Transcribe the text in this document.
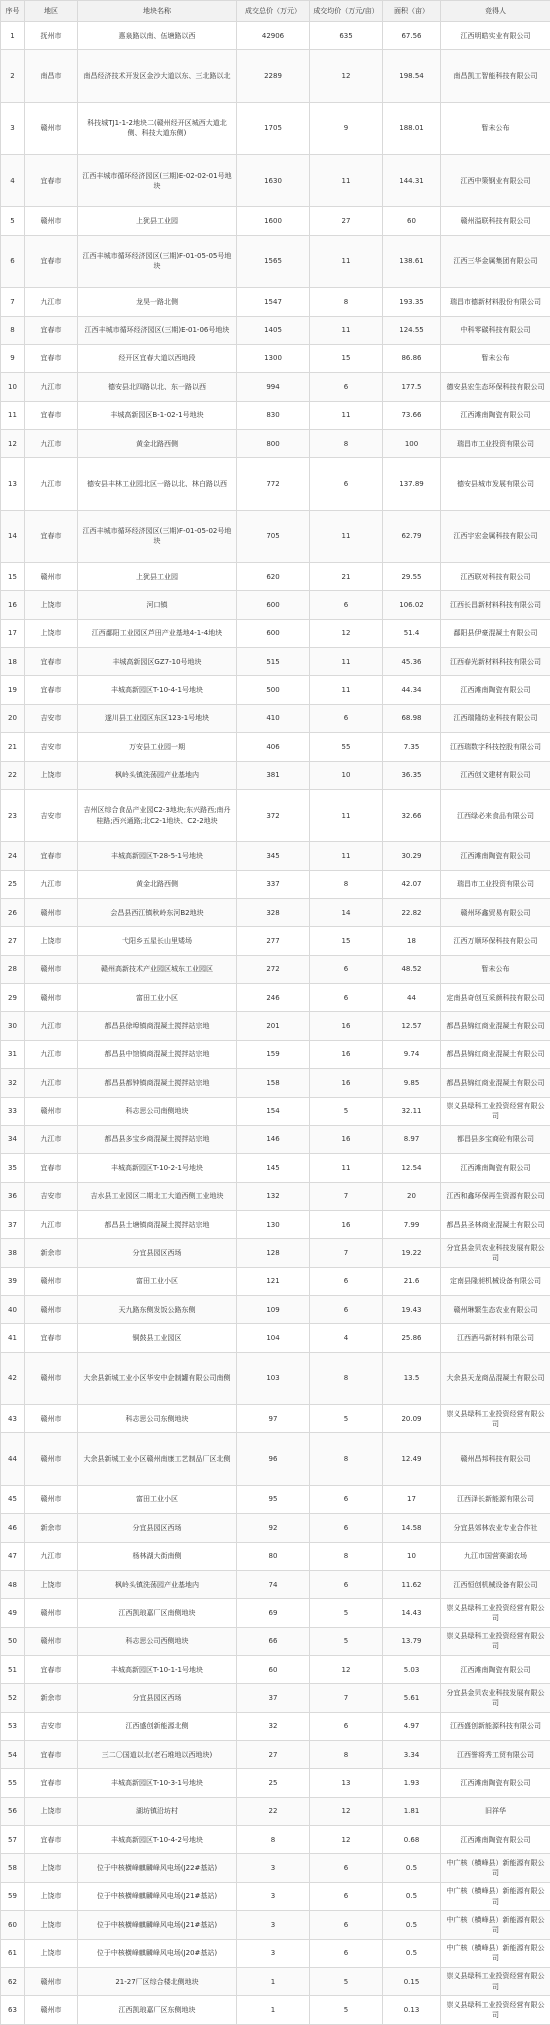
序号	地区	地块名称	成交总价（万元）	成交均价（万元/亩）	面积（亩）	竞得人
1	抚州市	惠泉路以南、伍塘路以西	42906	635	67.56	江西明皓实业有限公司
2	南昌市	南昌经济技术开发区金沙大道以东、三北路以北	2289	12	198.54	南昌凯工智能科技有限公司
3	赣州市	科技城TJ1-1-2地块二(赣州经开区城西大道北侧、科技大道东侧)	1705	9	188.01	暂未公布
4	宜春市	江西丰城市循环经济园区(三期)E-02-02-01号地块	1630	11	144.31	江西中策钢业有限公司
5	赣州市	上犹县工业园	1600	27	60	赣州溢联科技有限公司
6	宜春市	江西丰城市循环经济园区(三期)F-01-05-05号地块	1565	11	138.61	江西三华金属集团有限公司
7	九江市	龙昊一路北侧	1547	8	193.35	瑞昌市德新材料股份有限公司
8	宜春市	江西丰城市循环经济园区(三期)E-01-06号地块	1405	11	124.55	中科零碳科技有限公司
9	宜春市	经开区宜春大道以西地段	1300	15	86.86	暂未公布
10	九江市	德安县北四路以北、东一路以西	994	6	177.5	德安县宏生态环保科技有限公司
11	宜春市	丰城高新园区B-1-02-1号地块	830	11	73.66	江西滩南陶瓷有限公司
12	九江市	黄金北路西侧	800	8	100	瑞昌市工业投资有限公司
13	九江市	德安县丰林工业园北区一路以北、林白路以西	772	6	137.89	德安县城市发展有限公司
14	宜春市	江西丰城市循环经济园区(三期)F-01-05-02号地块	705	11	62.79	江西宇宏金属科技有限公司
15	赣州市	上犹县工业园	620	21	29.55	江西联对科技有限公司
16	上饶市	河口镇	600	6	106.02	江西长昌新材料科技有限公司
17	上饶市	江西鄱阳工业园区芦田产业基地4-1-4地块	600	12	51.4	鄱阳县伊豪混凝土有限公司
18	宜春市	丰城高新园区GZ7-10号地块	515	11	45.36	江西春光新材料科技有限公司
19	宜春市	丰城高新园区T-10-4-1号地块	500	11	44.34	江西滩南陶瓷有限公司
20	吉安市	遂川县工业园区东区123-1号地块	410	6	68.98	江西瑞隆纺业科技有限公司
21	吉安市	万安县工业园一期	406	55	7.35	江西瑞数字科技控股有限公司
22	上饶市	枫岭头镇洗荡园产业基地内	381	10	36.35	江西创文建材有限公司
23	吉安市	吉州区综合食品产业园C2-3地块;东兴路西;南丹桂路;西兴通路;北C2-1地块、C2-2地块	372	11	32.66	江西绿必来食品有限公司
24	宜春市	丰城高新园区T-28-5-1号地块	345	11	30.29	江西滩南陶瓷有限公司
25	九江市	黄金北路西侧	337	8	42.07	瑞昌市工业投资有限公司
26	赣州市	会昌县西江镇秋岭东河B2地块	328	14	22.82	赣州环鑫贸易有限公司
27	上饶市	弋阳乡五星长山里矮场	277	15	18	江西万顺环保科技有限公司
28	赣州市	赣州高新技术产业园区城东工业园区	272	6	48.52	暂未公布
29	赣州市	富田工业小区	246	6	44	定南县奇创互采颜科技有限公司
30	九江市	都昌县徐埠镇商混凝土搅拌站宗地	201	16	12.57	都昌县锦红商业混凝土有限公司
31	九江市	都昌县中馆镇商混凝土搅拌站宗地	159	16	9.74	都昌县锦红商业混凝土有限公司
32	九江市	都昌县都钟镇商混凝土搅拌站宗地	158	16	9.85	都昌县锦红商业混凝土有限公司
33	赣州市	科志思公司南侧地块	154	5	32.11	崇义县绿科工业投资经营有限公司
34	九江市	都昌县多宝乡商混凝土搅拌站宗地	146	16	8.97	都昌县多宝商砼有限公司
35	宜春市	丰城高新园区T-10-2-1号地块	145	11	12.54	江西滩南陶瓷有限公司
36	吉安市	吉水县工业园区二期北工大道西侧工业地块	132	7	20	江西和鑫环保再生资源有限公司
37	九江市	都昌县土塘镇商混凝土搅拌站宗地	130	16	7.99	都昌县圣林商业混凝土有限公司
38	新余市	分宜县园区西场	128	7	19.22	分宜县金贝农业科技发展有限公司
39	赣州市	富田工业小区	121	6	21.6	定南县隆昶机械设备有限公司
40	赣州市	天九路东侧发饭公路东侧	109	6	19.43	赣州琳繁生态农业有限公司
41	宜春市	铜鼓县工业园区	104	4	25.86	江西酒马新材料有限公司
42	赣州市	大余县新城工业小区华安中企制罐有限公司南侧	103	8	13.5	大余县天龙商品混凝土有限公司
43	赣州市	科志思公司东侧地块	97	5	20.09	崇义县绿科工业投资经营有限公司
44	赣州市	大余县新城工业小区赣州南康工艺制品厂区北侧	96	8	12.49	赣州昌邦科技有限公司
45	赣州市	富田工业小区	95	6	17	江西泽长新能源有限公司
46	新余市	分宜县园区西场	92	6	14.58	分宜县郊林农业专业合作社
47	九江市	杨林湖大街南侧	80	8	10	九江市国营赛湖农场
48	上饶市	枫岭头镇洗荡园产业基地内	74	6	11.62	江西恒创机械设备有限公司
49	赣州市	江西凯琅嘉厂区南侧地块	69	5	14.43	崇义县绿科工业投资经营有限公司
50	赣州市	科志思公司西侧地块	66	5	13.79	崇义县绿科工业投资经营有限公司
51	宜春市	丰城高新园区T-10-1-1号地块	60	12	5.03	江西滩南陶瓷有限公司
52	新余市	分宜县园区西场	37	7	5.61	分宜县金贝农业科技发展有限公司
53	吉安市	江西盛创新能源北侧	32	6	4.97	江西盛创新能源科技有限公司
54	宜春市	三二〇国道以北(老石堆地以西地块)	27	8	3.34	江西誉将秀工贸有限公司
55	宜春市	丰城高新园区T-10-3-1号地块	25	13	1.93	江西滩南陶瓷有限公司
56	上饶市	湖坊镇沿坊村	22	12	1.81	旧祥华
57	宜春市	丰城高新园区T-10-4-2号地块	8	12	0.68	江西滩南陶瓷有限公司
58	上饶市	位于中核横峰麒麟峰风电场(J22#基站)	3	6	0.5	中广核（横峰县）新能源有限公司
59	上饶市	位于中核横峰麒麟峰风电场(J21#基站)	3	6	0.5	中广核（横峰县）新能源有限公司
60	上饶市	位于中核横峰麒麟峰风电场(J21#基站)	3	6	0.5	中广核（横峰县）新能源有限公司
61	上饶市	位于中核横峰麒麟峰风电场(J20#基站)	3	6	0.5	中广核（横峰县）新能源有限公司
62	赣州市	21-27厂区综合楼北侧地块	1	5	0.15	崇义县绿科工业投资经营有限公司
63	赣州市	江西凯琅嘉厂区东侧地块	1	5	0.13	崇义县绿科工业投资经营有限公司
